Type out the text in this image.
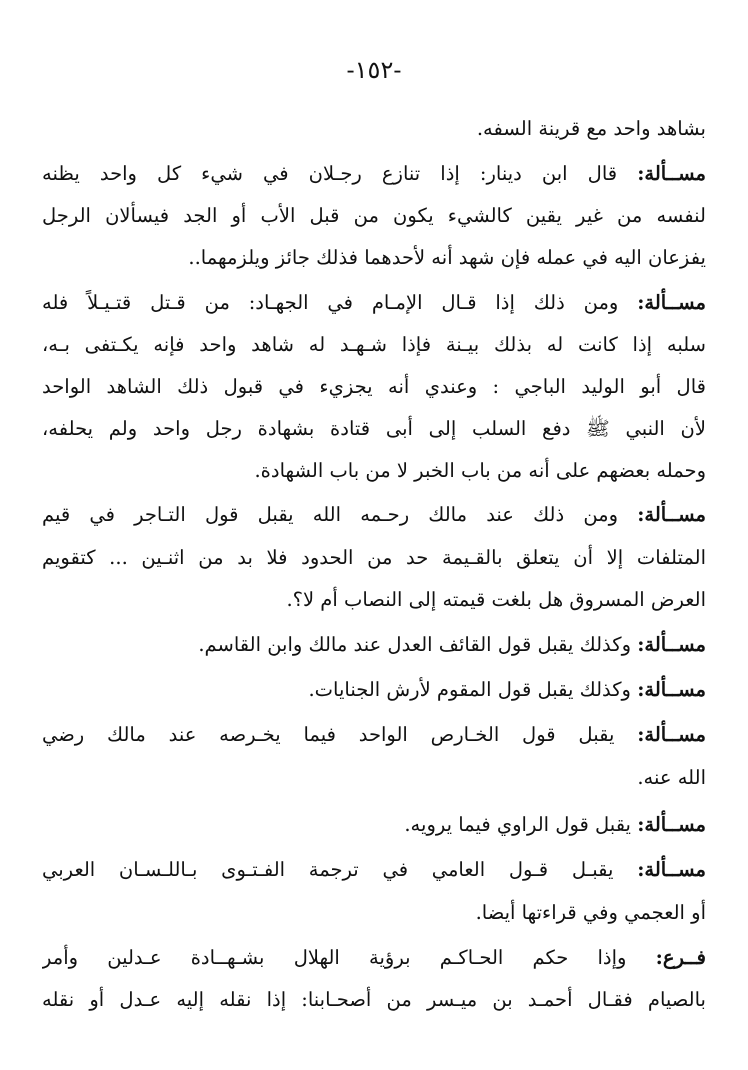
-١٥٢-
بشاهد واحد مع قرينة السفه.
مســألة: قال ابن دينار: إذا تنازع رجـلان في شيء كل واحد يظنه
لنفسه من غير يقين كالشيء يكون من قبل الأب أو الجد فيسألان الرجل
يفزعان اليه في عمله فإن شهد أنه لأحدهما فذلك جائز ويلزمهما..
مســألة: ومن ذلك إذا قـال الإمـام في الجهـاد: من قـتل قتـيـلاً فله
سلبه إذا كانت له بذلك بيـنة فإذا شـهـد له شاهد واحد فإنه يكـتفى بـه،
قال أبو الوليد الباجي : وعندي أنه يجزيء في قبول ذلك الشاهد الواحد
لأن النبي ﷺ دفع السلب إلى أبى قتادة بشهادة رجل واحد ولم يحلفه،
وحمله بعضهم على أنه من باب الخبر لا من باب الشهادة.
مســألة: ومن ذلك عند مالك رحـمه الله يقبل قول التـاجر في قيم
المتلفات إلا أن يتعلق بالقـيمة حد من الحدود فلا بد من اثنـين ... كتقويم
العرض المسروق هل بلغت قيمته إلى النصاب أم لا؟.
مســألة: وكذلك يقبل قول القائف العدل عند مالك وابن القاسم.
مســألة: وكذلك يقبل قول المقوم لأرش الجنايات.
مســألة: يقبل قول الخـارص الواحد فيما يخـرصه عند مالك رضي
الله عنه.
مســألة: يقبل قول الراوي فيما يرويه.
مســألة: يقبـل قـول العامي في ترجمة الفـتـوى بـاللـسـان العربي
أو العجمي وفي قراءتها أيضا.
فــرع: وإذا حكم الحـاكـم برؤية الهلال بشـهــادة عـدلين وأمر
بالصيام فقـال أحمـد بن ميـسر من أصحـابنا: إذا نقله إليه عـدل أو نقله
